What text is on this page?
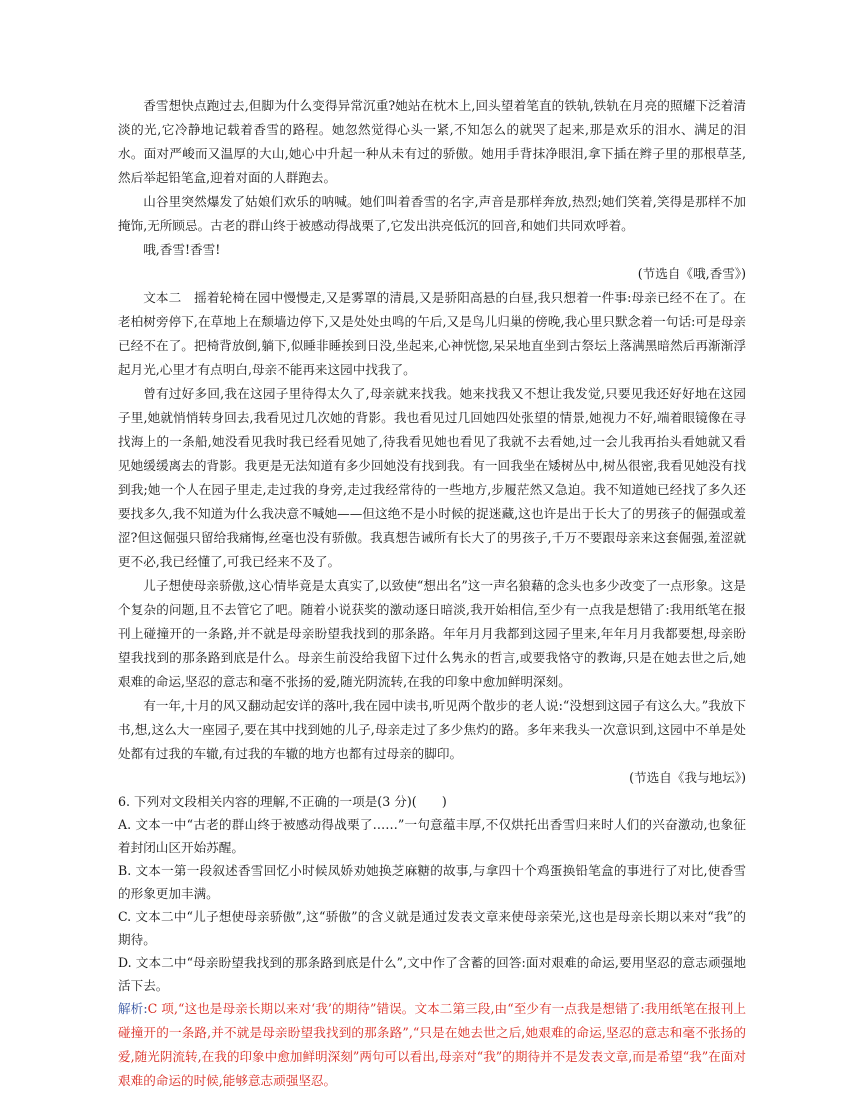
香雪想快点跑过去,但脚为什么变得异常沉重?她站在枕木上,回头望着笔直的铁轨,铁轨在月亮的照耀下泛着清淡的光,它冷静地记载着香雪的路程。她忽然觉得心头一紧,不知怎么的就哭了起来,那是欢乐的泪水、满足的泪水。面对严峻而又温厚的大山,她心中升起一种从未有过的骄傲。她用手背抹净眼泪,拿下插在辫子里的那根草茎,然后举起铅笔盒,迎着对面的人群跑去。

山谷里突然爆发了姑娘们欢乐的呐喊。她们叫着香雪的名字,声音是那样奔放,热烈;她们笑着,笑得是那样不加掩饰,无所顾忌。古老的群山终于被感动得战栗了,它发出洪亮低沉的回音,和她们共同欢呼着。

哦,香雪!香雪!

(节选自《哦,香雪》)

文本二　摇着轮椅在园中慢慢走,又是雾罩的清晨,又是骄阳高悬的白昼,我只想着一件事:母亲已经不在了。在老柏树旁停下,在草地上在颓墙边停下,又是处处虫鸣的午后,又是鸟儿归巢的傍晚,我心里只默念着一句话:可是母亲已经不在了。把椅背放倒,躺下,似睡非睡挨到日没,坐起来,心神恍惚,呆呆地直坐到古祭坛上落满黑暗然后再渐渐浮起月光,心里才有点明白,母亲不能再来这园中找我了。

曾有过好多回,我在这园子里待得太久了,母亲就来找我。她来找我又不想让我发觉,只要见我还好好地在这园子里,她就悄悄转身回去,我看见过几次她的背影。我也看见过几回她四处张望的情景,她视力不好,端着眼镜像在寻找海上的一条船,她没看见我时我已经看见她了,待我看见她也看见了我就不去看她,过一会儿我再抬头看她就又看见她缓缓离去的背影。我更是无法知道有多少回她没有找到我。有一回我坐在矮树丛中,树丛很密,我看见她没有找到我;她一个人在园子里走,走过我的身旁,走过我经常待的一些地方,步履茫然又急迫。我不知道她已经找了多久还要找多久,我不知道为什么我决意不喊她——但这绝不是小时候的捉迷藏,这也许是出于长大了的男孩子的倔强或羞涩?但这倔强只留给我痛悔,丝毫也没有骄傲。我真想告诫所有长大了的男孩子,千万不要跟母亲来这套倔强,羞涩就更不必,我已经懂了,可我已经来不及了。

儿子想使母亲骄傲,这心情毕竟是太真实了,以致使“想出名”这一声名狼藉的念头也多少改变了一点形象。这是个复杂的问题,且不去管它了吧。随着小说获奖的激动逐日暗淡,我开始相信,至少有一点我是想错了:我用纸笔在报刊上碰撞开的一条路,并不就是母亲盼望我找到的那条路。年年月月我都到这园子里来,年年月月我都要想,母亲盼望我找到的那条路到底是什么。母亲生前没给我留下过什么隽永的哲言,或要我恪守的教诲,只是在她去世之后,她艰难的命运,坚忍的意志和毫不张扬的爱,随光阴流转,在我的印象中愈加鲜明深刻。

有一年,十月的风又翻动起安详的落叶,我在园中读书,听见两个散步的老人说:“没想到这园子有这么大。”我放下书,想,这么大一座园子,要在其中找到她的儿子,母亲走过了多少焦灼的路。多年来我头一次意识到,这园中不单是处处都有过我的车辙,有过我的车辙的地方也都有过母亲的脚印。

(节选自《我与地坛》)

6. 下列对文段相关内容的理解,不正确的一项是(3 分)(　　)

A. 文本一中“古老的群山终于被感动得战栗了……”一句意蕴丰厚,不仅烘托出香雪归来时人们的兴奋激动,也象征着封闭山区开始苏醒。

B. 文本一第一段叙述香雪回忆小时候凤娇劝她换芝麻糖的故事,与拿四十个鸡蛋换铅笔盒的事进行了对比,使香雪的形象更加丰满。

C. 文本二中“儿子想使母亲骄傲”,这“骄傲”的含义就是通过发表文章来使母亲荣光,这也是母亲长期以来对“我”的期待。

D. 文本二中“母亲盼望我找到的那条路到底是什么”,文中作了含蓄的回答:面对艰难的命运,要用坚忍的意志顽强地活下去。

解析:C 项,“这也是母亲长期以来对‘我’的期待”错误。文本二第三段,由“至少有一点我是想错了:我用纸笔在报刊上碰撞开的一条路,并不就是母亲盼望我找到的那条路”,“只是在她去世之后,她艰难的命运,坚忍的意志和毫不张扬的爱,随光阴流转,在我的印象中愈加鲜明深刻”两句可以看出,母亲对“我”的期待并不是发表文章,而是希望“我”在面对艰难的命运的时候,能够意志顽强坚忍。
